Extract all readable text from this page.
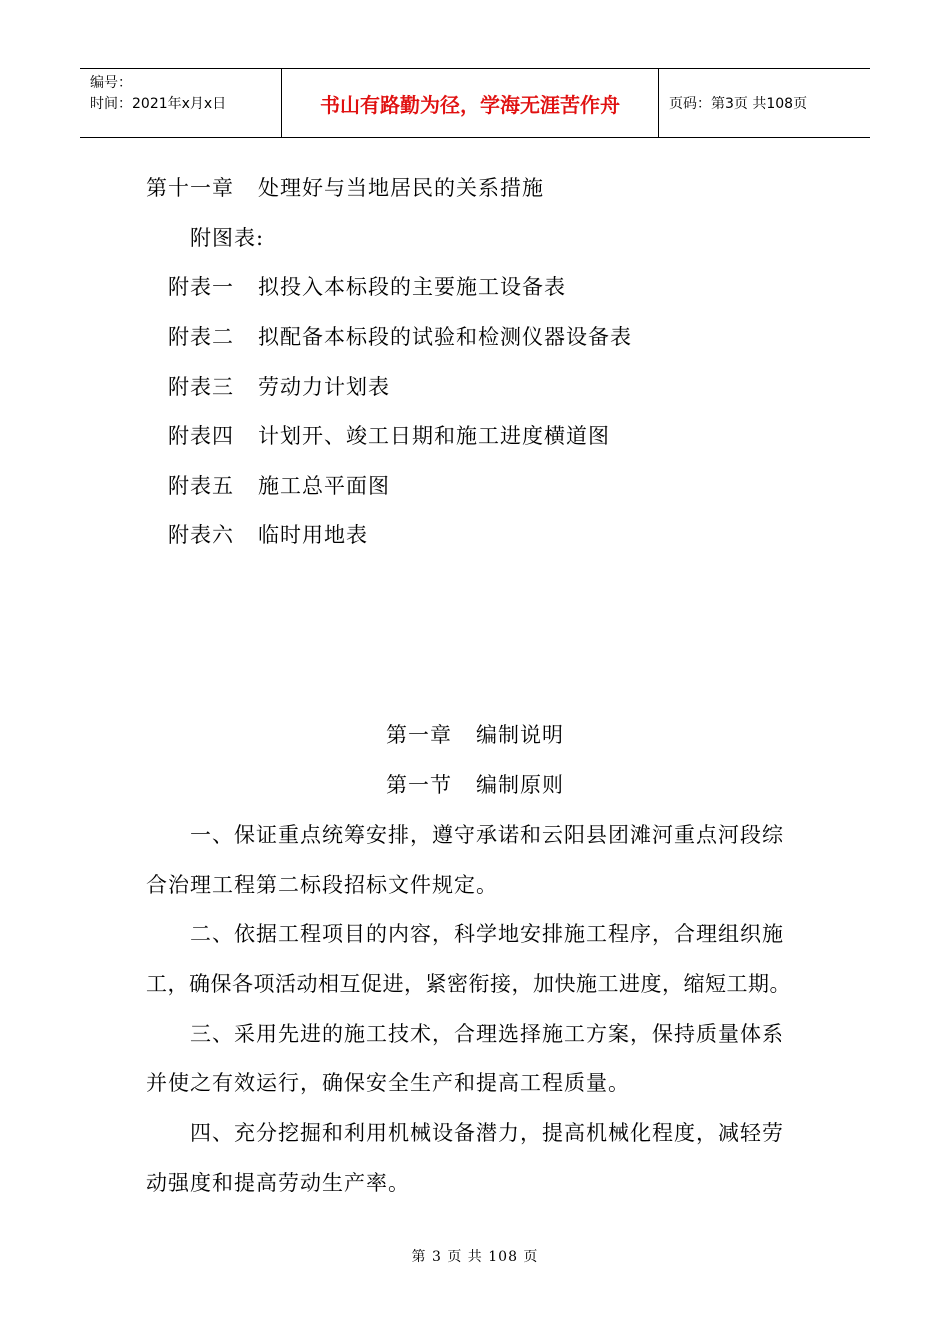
编号：
时间：2021年x月x日	书山有路勤为径，学海无涯苦作舟	页码：第3页 共108页
第十一章 处理好与当地居民的关系措施
附图表:
附表一 拟投入本标段的主要施工设备表
附表二 拟配备本标段的试验和检测仪器设备表
附表三 劳动力计划表
附表四 计划开、竣工日期和施工进度横道图
附表五 施工总平面图
附表六 临时用地表
第一章 编制说明
第一节 编制原则
一、保证重点统筹安排，遵守承诺和云阳县团滩河重点河段综
合治理工程第二标段招标文件规定。
二、依据工程项目的内容，科学地安排施工程序，合理组织施
工，确保各项活动相互促进，紧密衔接，加快施工进度，缩短工期。
三、采用先进的施工技术，合理选择施工方案，保持质量体系
并使之有效运行，确保安全生产和提高工程质量。
四、充分挖掘和利用机械设备潜力，提高机械化程度，减轻劳
动强度和提高劳动生产率。
第 3 页 共 108 页
